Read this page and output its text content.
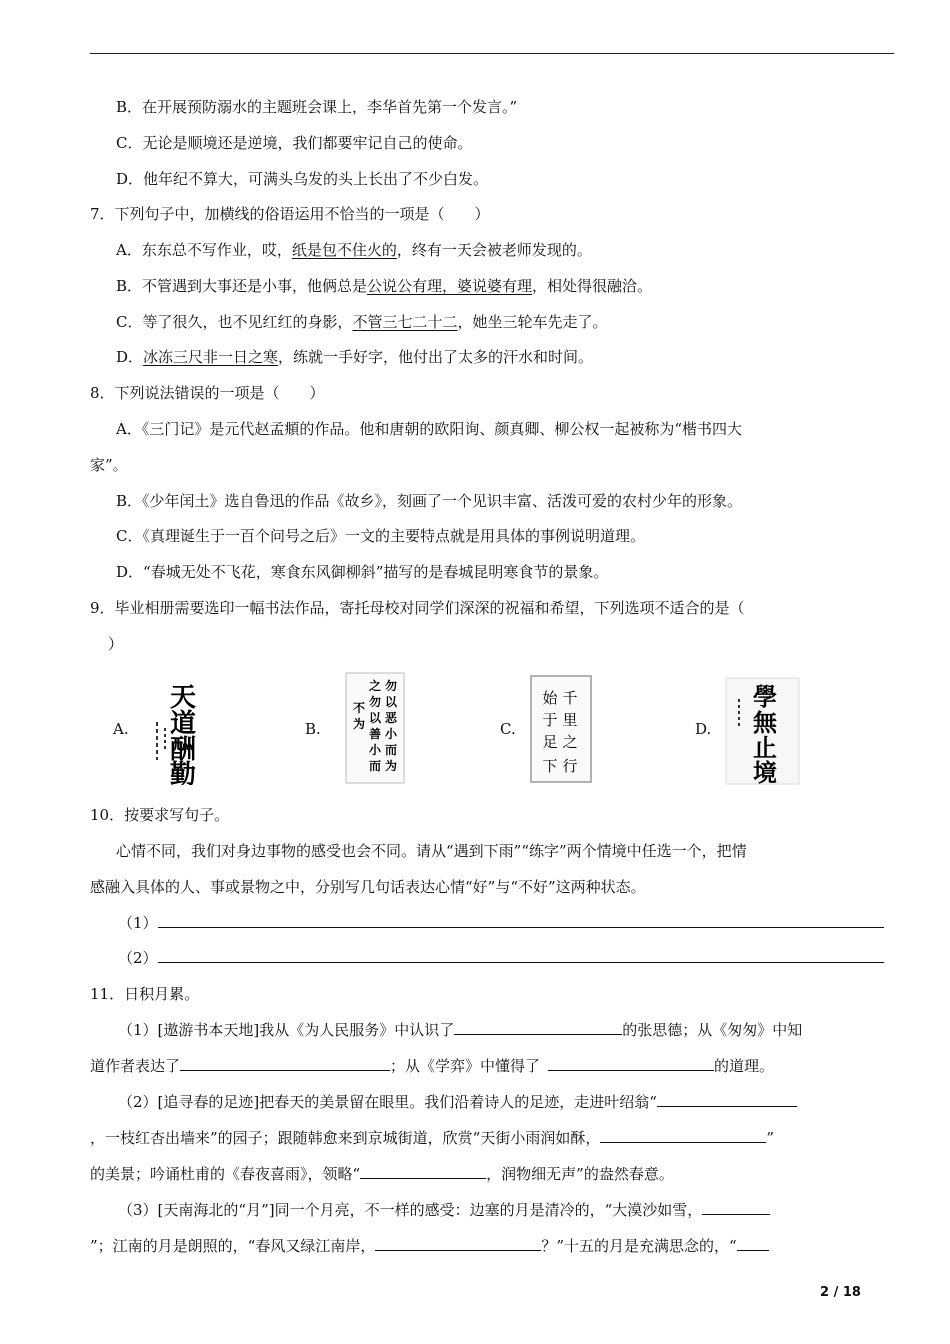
B．在开展预防溺水的主题班会课上，李华首先第一个发言。”
C．无论是顺境还是逆境，我们都要牢记自己的使命。
D．他年纪不算大，可满头乌发的头上长出了不少白发。
7．下列句子中，加横线的俗语运用不恰当的一项是（　　）
A．东东总不写作业，哎，纸是包不住火的，终有一天会被老师发现的。
B．不管遇到大事还是小事，他俩总是公说公有理，婆说婆有理，相处得很融洽。
C．等了很久，也不见红红的身影，不管三七二十二，她坐三轮车先走了。
D．冰冻三尺非一日之寒，练就一手好字，他付出了太多的汗水和时间。
8．下列说法错误的一项是（　　）
A．《三门记》是元代赵孟頫的作品。他和唐朝的欧阳询、颜真卿、柳公权一起被称为“楷书四大
家”。
B．《少年闰土》选自鲁迅的作品《故乡》，刻画了一个见识丰富、活泼可爱的农村少年的形象。
C．《真理诞生于一百个问号之后》一文的主要特点就是用具体的事例说明道理。
D．“春城无处不飞花，寒食东风御柳斜”描写的是春城昆明寒食节的景象。
9．毕业相册需要选印一幅书法作品，寄托母校对同学们深深的祝福和希望，下列选项不适合的是（
）
A.	B.	C.	D.
天
道
酬
勤
勿
以
恶
小
而
为
之
勿
以
善
小
而
不
为
千
里
之
行
始
于
足
下
學
無
止
境
10．按要求写句子。
心情不同，我们对身边事物的感受也会不同。请从“遇到下雨”“练字”两个情境中任选一个，把情
感融入具体的人、事或景物之中，分别写几句话表达心情“好”与“不好”这两种状态。
（1）
（2）
11．日积月累。
（1）[遨游书本天地]我从《为人民服务》中认识了	的张思德；从《匆匆》中知
道作者表达了	；从《学弈》中懂得了	的道理。
（2）[追寻春的足迹]把春天的美景留在眼里。我们沿着诗人的足迹，走进叶绍翁“
，一枝红杏出墙来”的园子；跟随韩愈来到京城街道，欣赏“天街小雨润如酥，	”
的美景；吟诵杜甫的《春夜喜雨》，领略“	，润物细无声”的盎然春意。
（3）[天南海北的“月”]同一个月亮，不一样的感受：边塞的月是清冷的，“大漠沙如雪，
”；江南的月是朗照的，“春风又绿江南岸，	？”十五的月是充满思念的，“
2 / 18
